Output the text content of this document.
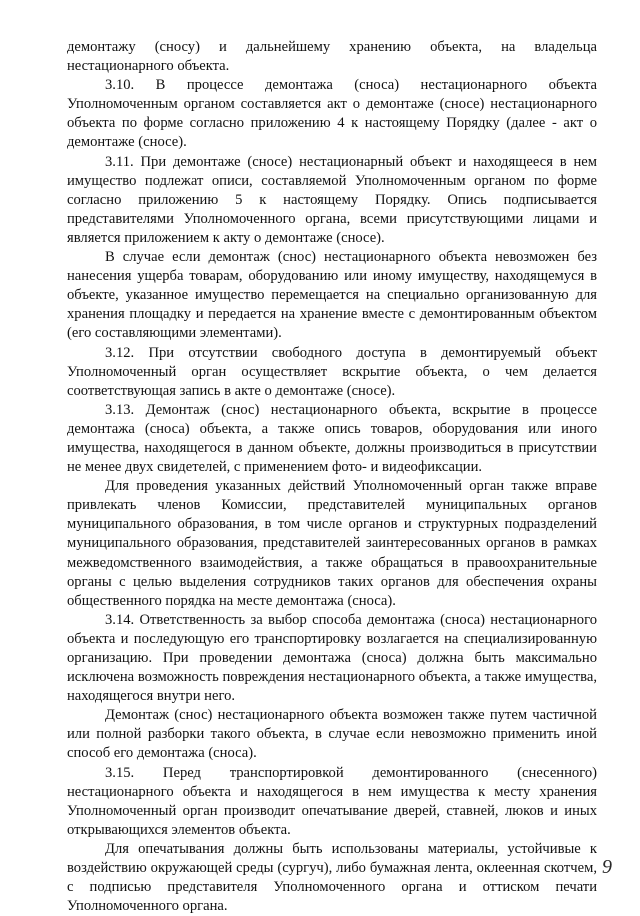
демонтажу (сносу) и дальнейшему хранению объекта, на владельца нестационарного объекта.

3.10. В процессе демонтажа (сноса) нестационарного объекта Уполномоченным органом составляется акт о демонтаже (сносе) нестационарного объекта по форме согласно приложению 4 к настоящему Порядку (далее - акт о демонтаже (сносе).

3.11. При демонтаже (сносе) нестационарный объект и находящееся в нем имущество подлежат описи, составляемой Уполномоченным органом по форме согласно приложению 5 к настоящему Порядку. Опись подписывается представителями Уполномоченного органа, всеми присутствующими лицами и является приложением к акту о демонтаже (сносе).

В случае если демонтаж (снос) нестационарного объекта невозможен без нанесения ущерба товарам, оборудованию или иному имуществу, находящемуся в объекте, указанное имущество перемещается на специально организованную для хранения площадку и передается на хранение вместе с демонтированным объектом (его составляющими элементами).

3.12. При отсутствии свободного доступа в демонтируемый объект Уполномоченный орган осуществляет вскрытие объекта, о чем делается соответствующая запись в акте о демонтаже (сносе).

3.13. Демонтаж (снос) нестационарного объекта, вскрытие в процессе демонтажа (сноса) объекта, а также опись товаров, оборудования или иного имущества, находящегося в данном объекте, должны производиться в присутствии не менее двух свидетелей, с применением фото- и видеофиксации.

Для проведения указанных действий Уполномоченный орган также вправе привлекать членов Комиссии, представителей муниципальных органов муниципального образования, в том числе органов и структурных подразделений муниципального образования, представителей заинтересованных органов в рамках межведомственного взаимодействия, а также обращаться в правоохранительные органы с целью выделения сотрудников таких органов для обеспечения охраны общественного порядка на месте демонтажа (сноса).

3.14. Ответственность за выбор способа демонтажа (сноса) нестационарного объекта и последующую его транспортировку возлагается на специализированную организацию. При проведении демонтажа (сноса) должна быть максимально исключена возможность повреждения нестационарного объекта, а также имущества, находящегося внутри него.

Демонтаж (снос) нестационарного объекта возможен также путем частичной или полной разборки такого объекта, в случае если невозможно применить иной способ его демонтажа (сноса).

3.15. Перед транспортировкой демонтированного (снесенного) нестационарного объекта и находящегося в нем имущества к месту хранения Уполномоченный орган производит опечатывание дверей, ставней, люков и иных открывающихся элементов объекта.

Для опечатывания должны быть использованы материалы, устойчивые к воздействию окружающей среды (сургуч), либо бумажная лента, оклеенная скотчем, с подписью представителя Уполномоченного органа и оттиском печати Уполномоченного органа.

9
